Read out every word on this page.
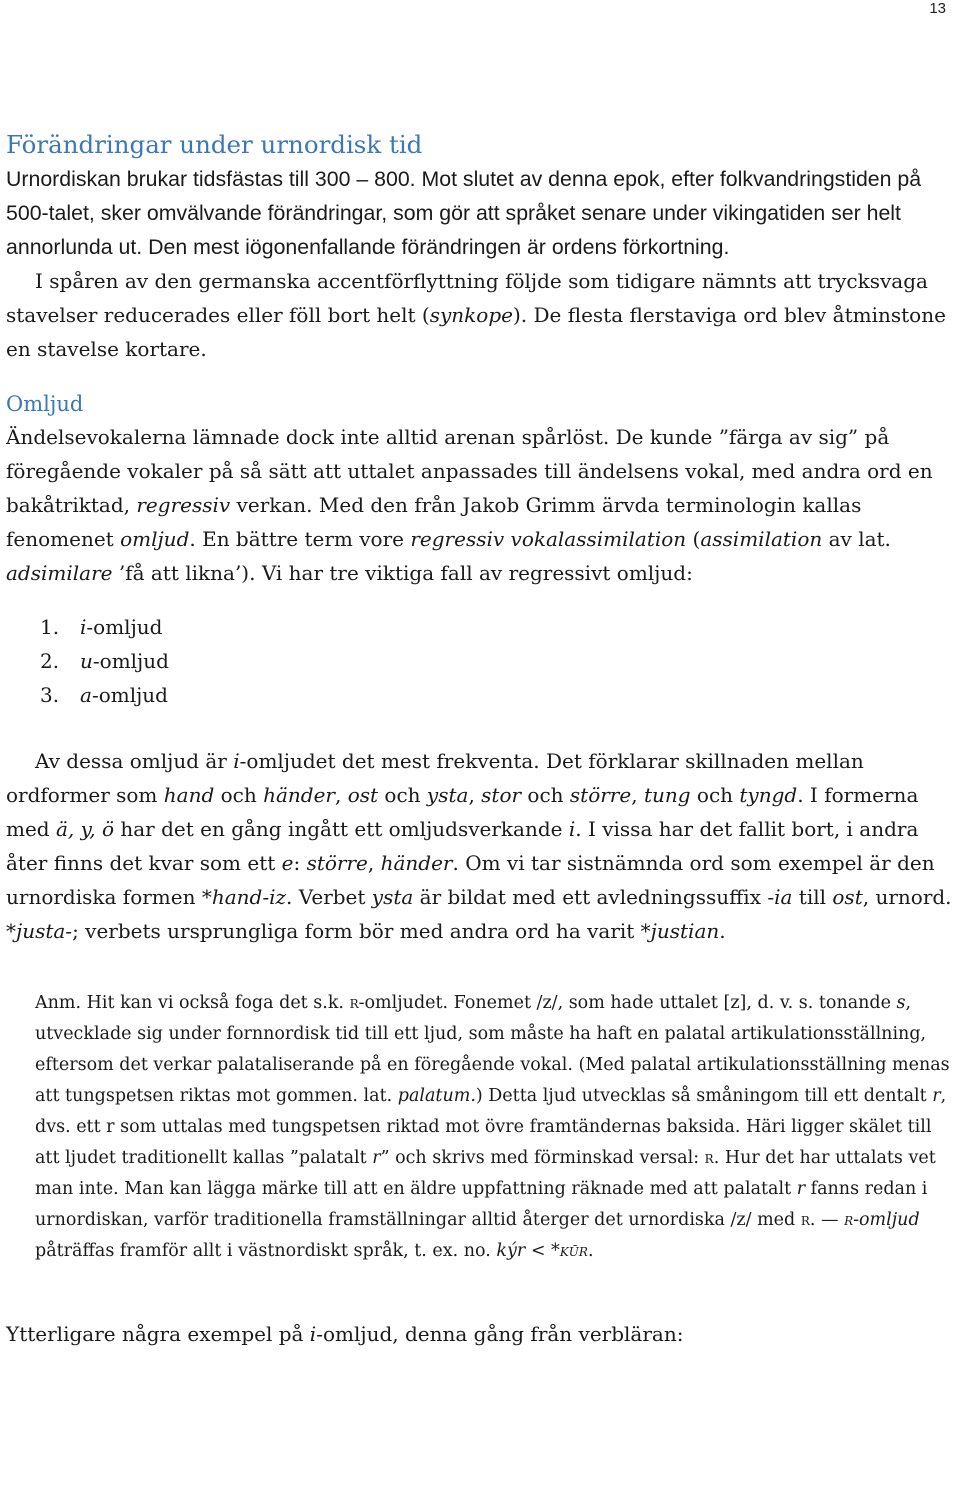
13
Förändringar under urnordisk tid

Urnordiskan brukar tidsfästas till 300 – 800. Mot slutet av denna epok, efter folkvandringstiden på 500-talet, sker omvälvande förändringar, som gör att språket senare under vikingatiden ser helt annorlunda ut. Den mest iögonenfallande förändringen är ordens förkortning.

I spåren av den germanska accentförflyttning följde som tidigare nämnts att trycksvaga stavelser reducerades eller föll bort helt (synkope). De flesta flerstaviga ord blev åtminstone en stavelse kortare.

Omljud

Ändelsevokalerna lämnade dock inte alltid arenan spårlöst. De kunde ”färga av sig” på föregående vokaler på så sätt att uttalet anpassades till ändelsens vokal, med andra ord en bakåtriktad, regressiv verkan. Med den från Jakob Grimm ärvda terminologin kallas fenomenet omljud. En bättre term vore regressiv vokalassimilation (assimilation av lat. adsimilare ’få att likna’). Vi har tre viktiga fall av regressivt omljud:

1. i-omljud
2. u-omljud
3. a-omljud

Av dessa omljud är i-omljudet det mest frekventa. Det förklarar skillnaden mellan ordformer som hand och händer, ost och ysta, stor och större, tung och tyngd. I formerna med ä, y, ö har det en gång ingått ett omljudsverkande i. I vissa har det fallit bort, i andra åter finns det kvar som ett e: större, händer. Om vi tar sistnämnda ord som exempel är den urnordiska formen *hand-iz. Verbet ysta är bildat med ett avledningssuffix -ia till ost, urnord. *justa-; verbets ursprungliga form bör med andra ord ha varit *justian.

Anm. Hit kan vi också foga det s.k. r-omljudet. Fonemet /z/, som hade uttalet [z], d. v. s. tonande s, utvecklade sig under fornnordisk tid till ett ljud, som måste ha haft en palatal artikulationsställning, eftersom det verkar palataliserande på en föregående vokal. (Med palatal artikulationsställning menas att tungspetsen riktas mot gommen. lat. palatum.) Detta ljud utvecklas så småningom till ett dentalt r, dvs. ett r som uttalas med tungspetsen riktad mot övre framtändernas baksida. Häri ligger skälet till att ljudet traditionellt kallas ”palatalt r” och skrivs med förminskad versal: r. Hur det har uttalats vet man inte. Man kan lägga märke till att en äldre uppfattning räknade med att palatalt r fanns redan i urnordiskan, varför traditionella framställningar alltid återger det urnordiska /z/ med r. — r-omljud påträffas framför allt i västnordiskt språk, t. ex. no. kýr < *kūr.

Ytterligare några exempel på i-omljud, denna gång från verbläran:
